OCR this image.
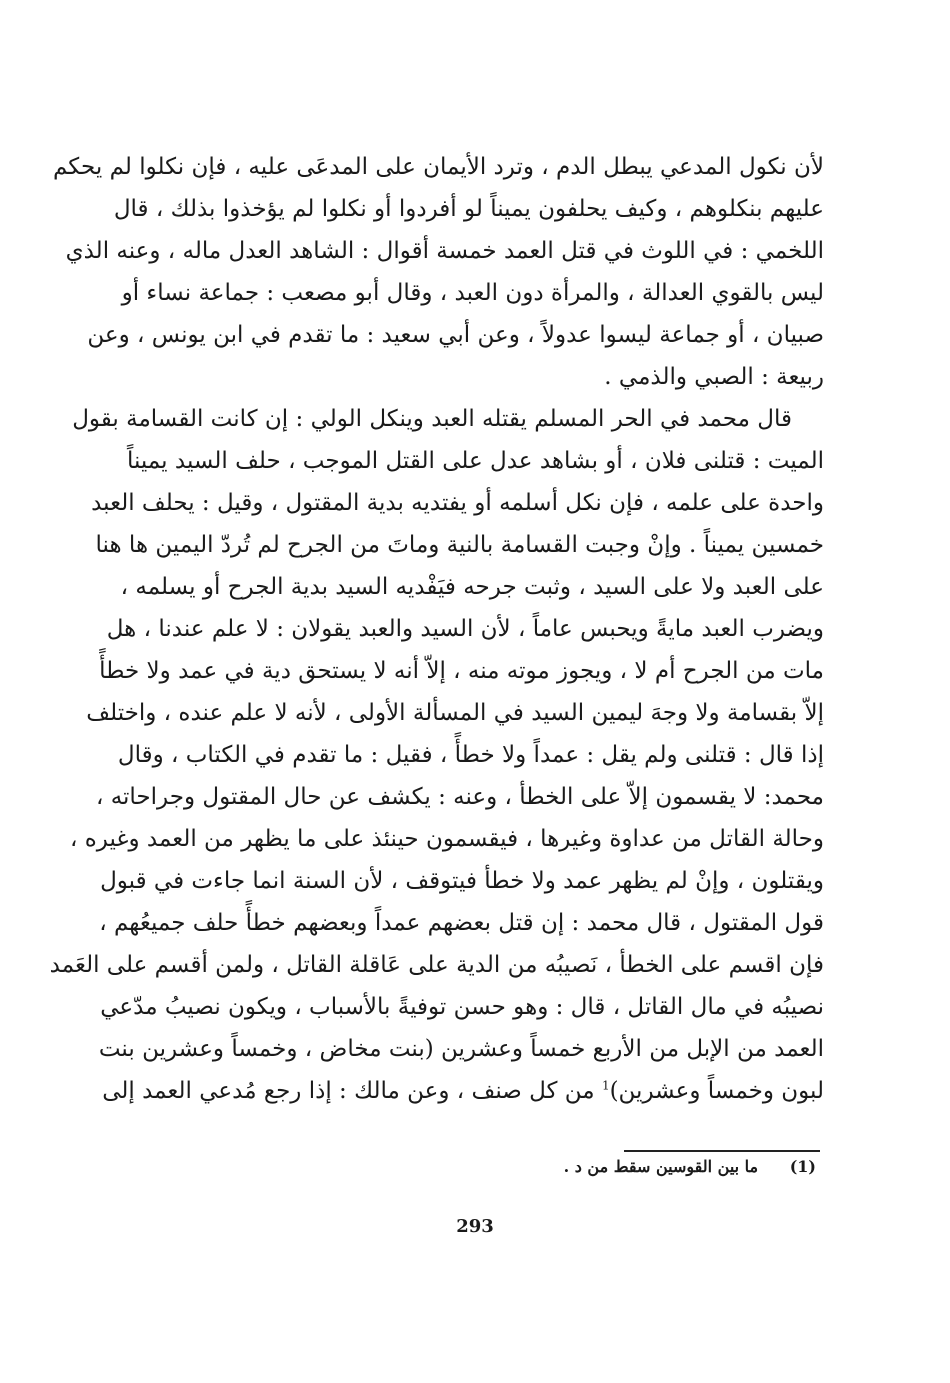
لأن نكول المدعي يبطل الدم ، وترد الأيمان على المدعَى عليه ، فإن نكلوا لم يحكم
عليهم بنكلوهم ، وكيف يحلفون يميناً لو أفردوا أو نكلوا لم يؤخذوا بذلك ، قال
اللخمي : في اللوث في قتل العمد خمسة أقوال : الشاهد العدل ماله ، وعنه الذي
ليس بالقوي العدالة ، والمرأة دون العبد ، وقال أبو مصعب : جماعة نساء أو
صبيان ، أو جماعة ليسوا عدولاً ، وعن أبي سعيد : ما تقدم في ابن يونس ، وعن
ربيعة : الصبي والذمي .
قال محمد في الحر المسلم يقتله العبد وينكل الولي : إن كانت القسامة بقول
الميت : قتلنى فلان ، أو بشاهد عدل على القتل الموجب ، حلف السيد يميناً
واحدة على علمه ، فإن نكل أسلمه أو يفتديه بدية المقتول ، وقيل : يحلف العبد
خمسين يميناً . وإنْ وجبت القسامة بالنية وماتَ من الجرح لم تُردّ اليمين ها هنا
على العبد ولا على السيد ، وثبت جرحه فيَفْديه السيد بدية الجرح أو يسلمه ،
ويضرب العبد مايةً ويحبس عاماً ، لأن السيد والعبد يقولان : لا علم عندنا ، هل
مات من الجرح أم لا ، ويجوز موته منه ، إلاّ أنه لا يستحق دية في عمد ولا خطأً
إلاّ بقسامة ولا وجهَ ليمين السيد في المسألة الأولى ، لأنه لا علم عنده ، واختلف
إذا قال : قتلنى ولم يقل : عمداً ولا خطأً ، فقيل : ما تقدم في الكتاب ، وقال
محمد: لا يقسمون إلاّ على الخطأ ، وعنه : يكشف عن حال المقتول وجراحاته ،
وحالة القاتل من عداوة وغيرها ، فيقسمون حينئذ على ما يظهر من العمد وغيره ،
ويقتلون ، وإنْ لم يظهر عمد ولا خطأ فيتوقف ، لأن السنة انما جاءت في قبول
قول المقتول ، قال محمد : إن قتل بعضهم عمداً وبعضهم خطأً حلف جميعُهم ،
فإن اقسم على الخطأ ، نَصيبُه من الدية على عَاقلة القاتل ، ولمن أقسم على العَمد
نصيبُه في مال القاتل ، قال : وهو حسن توفيةً بالأسباب ، ويكون نصيبُ مدّعي
العمد من الإبل من الأربع خمساً وعشرين (بنت مخاض ، وخمساً وعشرين بنت
لبون وخمساً وعشرين)$^1$ من كل صنف ، وعن مالك : إذا رجع مُدعي العمد إلى
(1) ما بين القوسين سقط من د .
293
